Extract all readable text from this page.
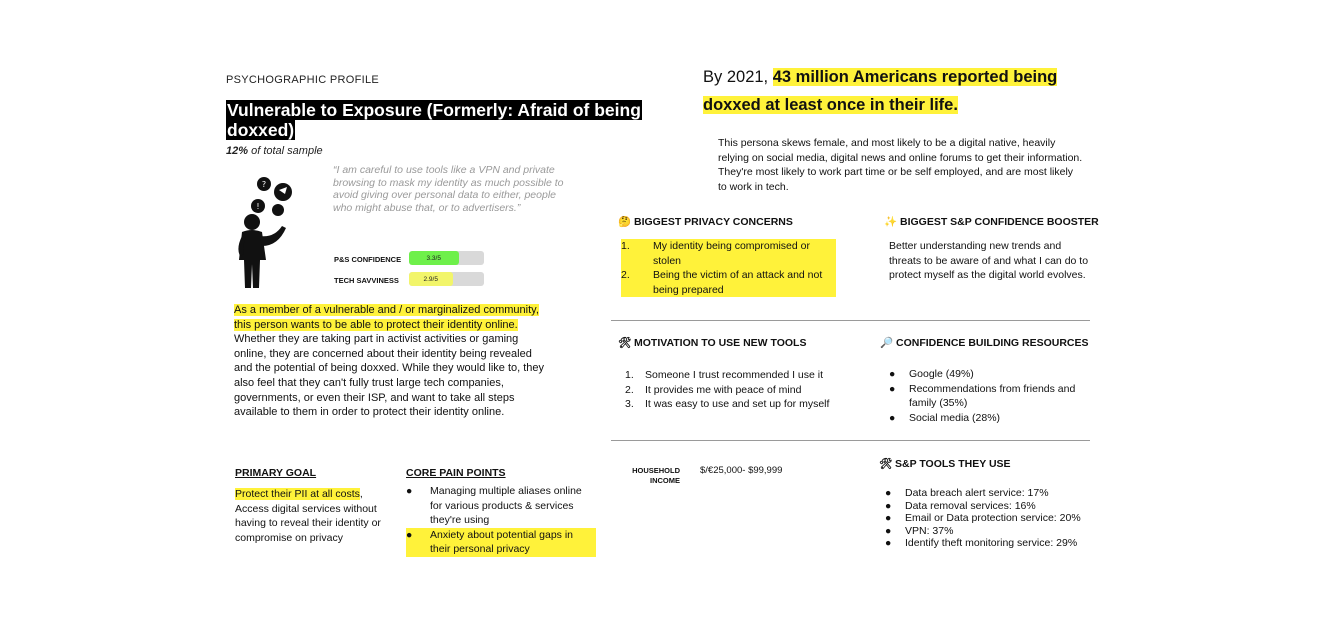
PSYCHOGRAPHIC PROFILE
Vulnerable to Exposure (Formerly: Afraid of being doxxed)
12% of total sample
?
!
“I am careful to use tools like a VPN and private browsing to mask my identity as much possible to avoid giving over personal data to either, people who might abuse that, or to advertisers.”
P&S CONFIDENCE	3.3/5
TECH SAVVINESS	2.9/5
As a member of a vulnerable and / or marginalized community, this person wants to be able to protect their identity online. Whether they are taking part in activist activities or gaming online, they are concerned about their identity being revealed and the potential of being doxxed. While they would like to, they also feel that they can't fully trust large tech companies, governments, or even their ISP, and want to take all steps available to them in order to protect their identity online.
PRIMARY GOAL
Protect their PII at all costs, Access digital services without having to reveal their identity or compromise on privacy
CORE PAIN POINTS
●	Managing multiple aliases online for various products & services they're using
●	Anxiety about potential gaps in their personal privacy
By 2021, 43 million Americans reported being doxxed at least once in their life.
This persona skews female, and most likely to be a digital native, heavily relying on social media, digital news and online forums to get their information. They're most likely to work part time or be self employed, and are most likely to work in tech.
🤔 BIGGEST PRIVACY CONCERNS
1.	My identity being compromised or stolen
2.	Being the victim of an attack and not being prepared
✨ BIGGEST S&P CONFIDENCE BOOSTER
Better understanding new trends and threats to be aware of and what I can do to protect myself as the digital world evolves.
🛠 MOTIVATION TO USE NEW TOOLS
1.	Someone I trust recommended I use it
2.	It provides me with peace of mind
3.	It was easy to use and set up for myself
🔎 CONFIDENCE BUILDING RESOURCES
●	Google (49%)
●	Recommendations from friends and family (35%)
●	Social media (28%)
HOUSEHOLD
INCOME
$/€25,000- $99,999
🛠 S&P TOOLS THEY USE
●	Data breach alert service: 17%
●	Data removal services: 16%
●	Email or Data protection service: 20%
●	VPN: 37%
●	Identify theft monitoring service: 29%
